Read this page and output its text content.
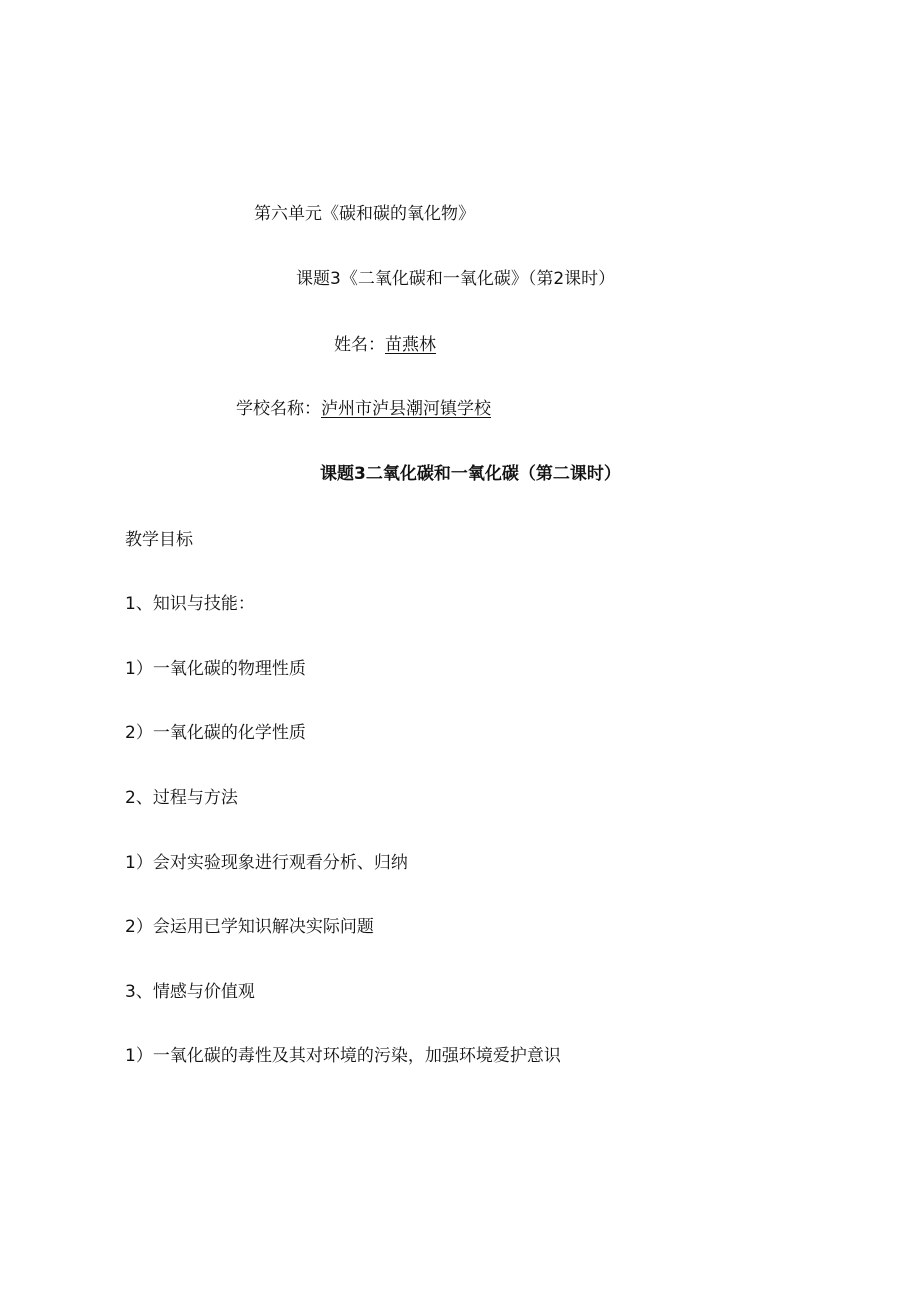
第六单元《碳和碳的氧化物》
课题3《二氧化碳和一氧化碳》（第2课时）
姓名：苗燕林
学校名称：泸州市泸县潮河镇学校
课题3二氧化碳和一氧化碳（第二课时）
教学目标
1、知识与技能：
1）一氧化碳的物理性质
2）一氧化碳的化学性质
2、过程与方法
1）会对实验现象进行观看分析、归纳
2）会运用已学知识解决实际问题
3、情感与价值观
1）一氧化碳的毒性及其对环境的污染，加强环境爱护意识
